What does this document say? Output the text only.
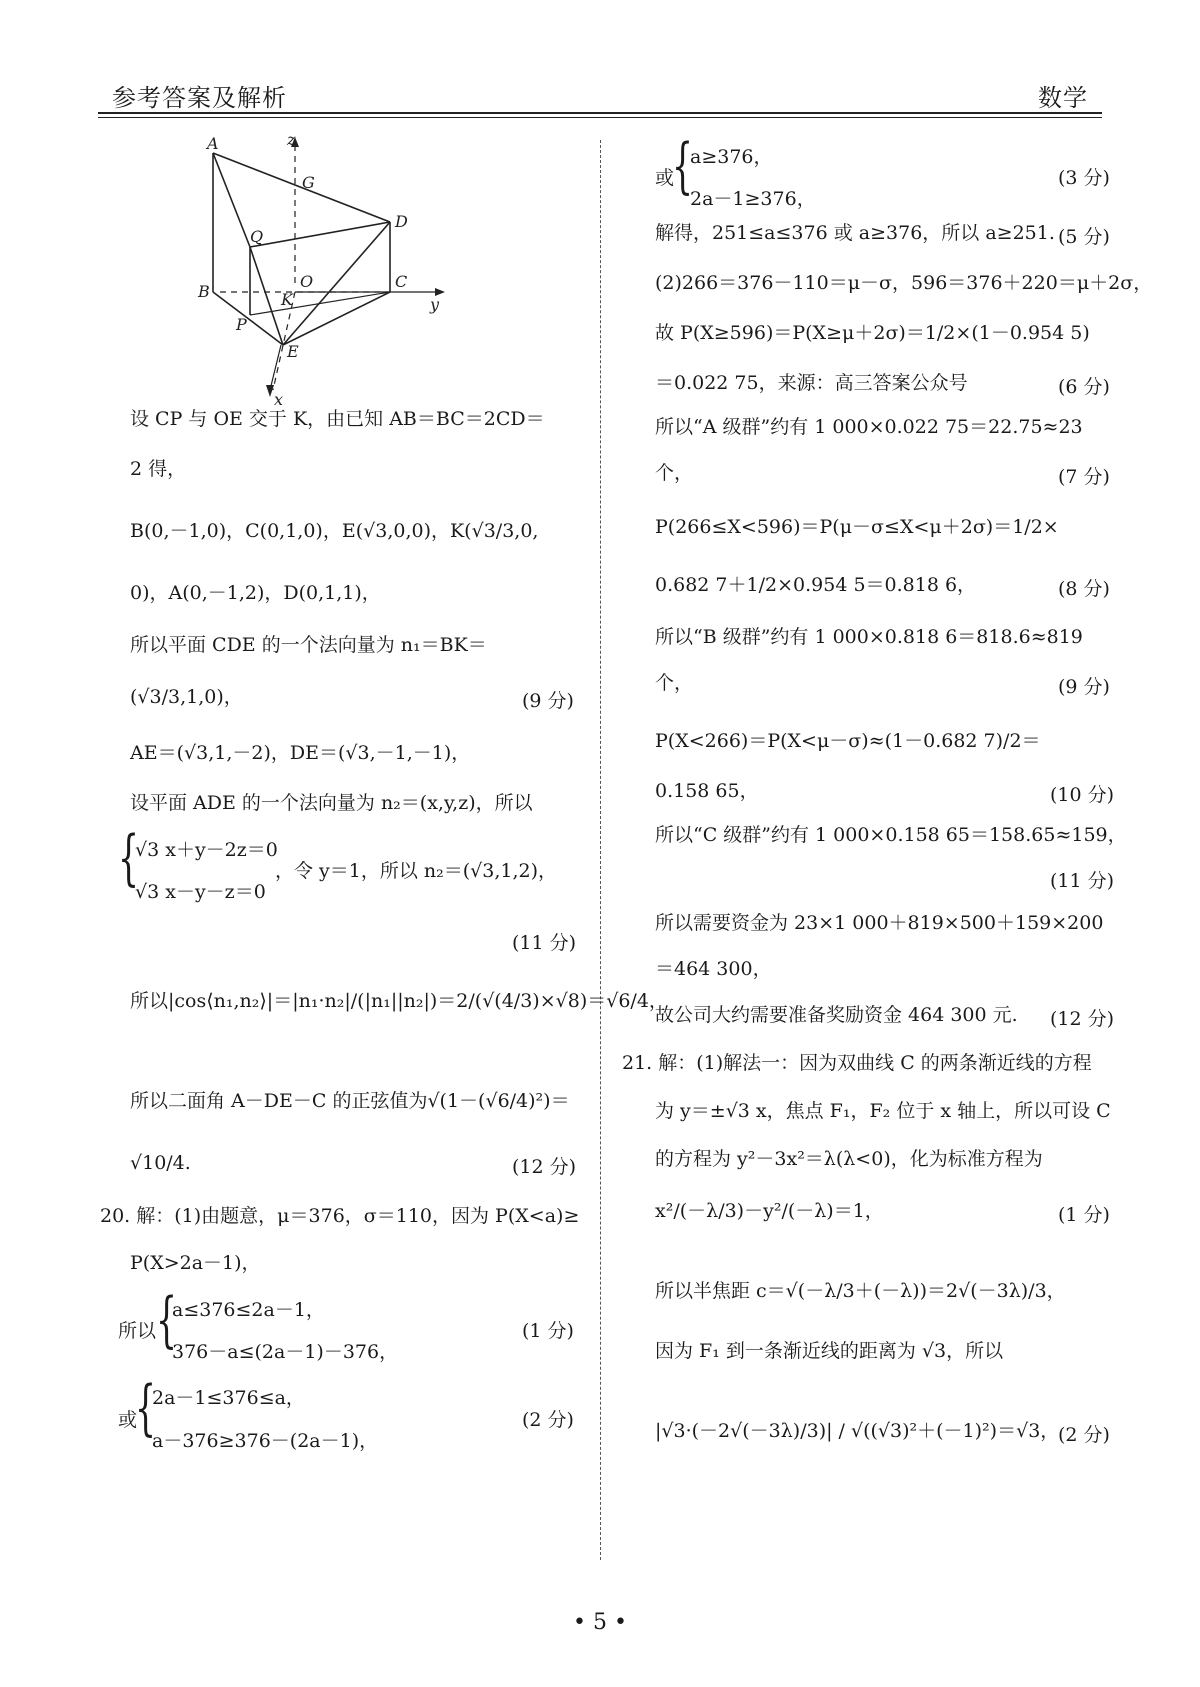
参考答案及解析	数学
A
B
C
D
E
G
K
O
P
Q
x
y
z
设 CP 与 OE 交于 K，由已知 AB＝BC＝2CD＝
2 得，
B(0,－1,0)，C(0,1,0)，E(√3,0,0)，K(√3/3,0,
0)，A(0,－1,2)，D(0,1,1)，
所以平面 CDE 的一个法向量为 n₁＝BK＝
(√3/3,1,0)，	(9 分)
AE＝(√3,1,－2)，DE＝(√3,－1,－1)，
设平面 ADE 的一个法向量为 n₂＝(x,y,z)，所以
{
√3 x＋y－2z＝0
√3 x－y－z＝0
，令 y＝1，所以 n₂＝(√3,1,2)，
(11 分)
所以|cos⟨n₁,n₂⟩|＝|n₁·n₂|/(|n₁||n₂|)＝2/(√(4/3)×√8)＝√6/4，
所以二面角 A－DE－C 的正弦值为√(1－(√6/4)²)＝
√10/4.	(12 分)
20. 解：(1)由题意，μ＝376，σ＝110，因为 P(X<a)≥
P(X>2a－1)，
所以 {
a≤376≤2a－1，
376－a≤(2a－1)－376，
(1 分)
或
{
2a－1≤376≤a，
a－376≥376－(2a－1)，
(2 分)
或
{
a≥376，
2a－1≥376，
(3 分)
解得，251≤a≤376 或 a≥376，所以 a≥251. (5 分)
(2)266＝376－110＝μ－σ，596＝376＋220＝μ＋2σ，
故 P(X≥596)＝P(X≥μ＋2σ)＝1/2×(1－0.954 5)
＝0.022 75，来源：高三答案公众号	(6 分)
所以“A 级群”约有 1 000×0.022 75＝22.75≈23
个，	(7 分)
P(266≤X<596)＝P(μ－σ≤X<μ＋2σ)＝1/2×
0.682 7＋1/2×0.954 5＝0.818 6，	(8 分)
所以“B 级群”约有 1 000×0.818 6＝818.6≈819
个，	(9 分)
P(X<266)＝P(X<μ－σ)≈(1－0.682 7)/2＝
0.158 65，	(10 分)
所以“C 级群”约有 1 000×0.158 65＝158.65≈159，
(11 分)
所以需要资金为 23×1 000＋819×500＋159×200
＝464 300，
故公司大约需要准备奖励资金 464 300 元.	(12 分)
21. 解：(1)解法一：因为双曲线 C 的两条渐近线的方程
为 y＝±√3 x，焦点 F₁，F₂ 位于 x 轴上，所以可设 C
的方程为 y²－3x²＝λ(λ<0)，化为标准方程为
x²/(－λ/3)－y²/(－λ)＝1，	(1 分)
所以半焦距 c＝√(－λ/3＋(－λ))＝2√(－3λ)/3，
因为 F₁ 到一条渐近线的距离为 √3，所以
|√3·(－2√(－3λ)/3)| / √((√3)²＋(－1)²)＝√3，
(2 分)
• 5 •
